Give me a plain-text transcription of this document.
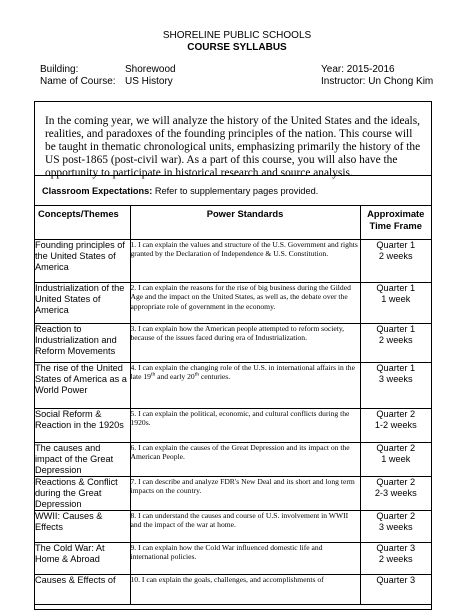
SHORELINE PUBLIC SCHOOLS
COURSE SYLLABUS
Building:	Shorewood
Name of Course: US History
Year: 2015-2016
Instructor: Un Chong Kim
In the coming year, we will analyze the history of the United States and the ideals, realities, and paradoxes of the founding principles of the nation. This course will be taught in thematic chronological units, emphasizing primarily the history of the US post-1865 (post-civil war). As a part of this course, you will also have the opportunity to participate in historical research and source analysis.
Classroom Expectations: Refer to supplementary pages provided.
Concepts/Themes	Power Standards	Approximate Time Frame
Founding principles of the United States of America	1. I can explain the values and structure of the U.S. Government and rights granted by the Declaration of Independence & U.S. Constitution.	Quarter 1
2 weeks

Industrialization of the United States of America	2. I can explain the reasons for the rise of big business during the Gilded Age and the impact on the United States, as well as, the debate over the appropriate role of government in the economy.	Quarter 1
1 week

Reaction to Industrialization and Reform Movements	3. I can explain how the American people attempted to reform society, because of the issues faced during era of Industrialization.	Quarter 1
2 weeks

The rise of the United States of America as a World Power	4. I can explain the changing role of the U.S. in international affairs in the late 19th and early 20th centuries.	Quarter 1
3 weeks

Social Reform & Reaction in the 1920s	5. I can explain the political, economic, and cultural conflicts during the 1920s.	Quarter 2
1-2 weeks

The causes and impact of the Great Depression	6. I can explain the causes of the Great Depression and its impact on the American People.	Quarter 2
1 week

Reactions & Conflict during the Great Depression	7. I can describe and analyze FDR's New Deal and its short and long term impacts on the country.	Quarter 2
2-3 weeks

WWII: Causes & Effects	8. I can understand the causes and course of U.S. involvement in WWII and the impact of the war at home.	Quarter 2
3 weeks

The Cold War: At Home & Abroad	9. I can explain how the Cold War influenced domestic life and international policies.	Quarter 3
2 weeks

Causes & Effects of	10. I can explain the goals, challenges, and accomplishments of	Quarter 3
